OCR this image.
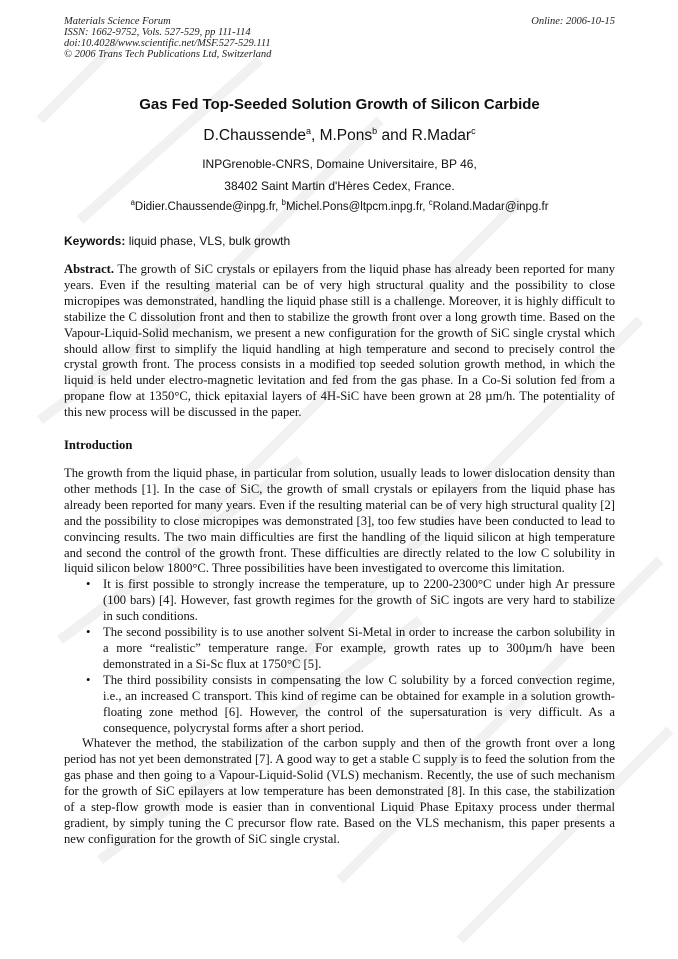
Materials Science Forum
ISSN: 1662-9752, Vols. 527-529, pp 111-114
doi:10.4028/www.scientific.net/MSF.527-529.111
© 2006 Trans Tech Publications Ltd, Switzerland
Online: 2006-10-15
Gas Fed Top-Seeded Solution Growth of Silicon Carbide
D.Chaussende$^a$, M.Pons$^b$ and R.Madar$^c$
INPGrenoble-CNRS, Domaine Universitaire, BP 46,
38402 Saint Martin d'Hères Cedex, France.
$^a$Didier.Chaussende@inpg.fr, $^b$Michel.Pons@ltpcm.inpg.fr, $^c$Roland.Madar@inpg.fr
Keywords: liquid phase, VLS, bulk growth

Abstract. The growth of SiC crystals or epilayers from the liquid phase has already been reported for many years. Even if the resulting material can be of very high structural quality and the possibility to close micropipes was demonstrated, handling the liquid phase still is a challenge. Moreover, it is highly difficult to stabilize the C dissolution front and then to stabilize the growth front over a long growth time. Based on the Vapour-Liquid-Solid mechanism, we present a new configuration for the growth of SiC single crystal which should allow first to simplify the liquid handling at high temperature and second to precisely control the crystal growth front. The process consists in a modified top seeded solution growth method, in which the liquid is held under electro-magnetic levitation and fed from the gas phase. In a Co-Si solution fed from a propane flow at 1350°C, thick epitaxial layers of 4H-SiC have been grown at 28 µm/h. The potentiality of this new process will be discussed in the paper.

Introduction

The growth from the liquid phase, in particular from solution, usually leads to lower dislocation density than other methods [1]. In the case of SiC, the growth of small crystals or epilayers from the liquid phase has already been reported for many years. Even if the resulting material can be of very high structural quality [2] and the possibility to close micropipes was demonstrated [3], too few studies have been conducted to lead to convincing results. The two main difficulties are first the handling of the liquid silicon at high temperature and second the control of the growth front. These difficulties are directly related to the low C solubility in liquid silicon below 1800°C. Three possibilities have been investigated to overcome this limitation.

• It is first possible to strongly increase the temperature, up to 2200-2300°C under high Ar pressure (100 bars) [4]. However, fast growth regimes for the growth of SiC ingots are very hard to stabilize in such conditions.
• The second possibility is to use another solvent Si-Metal in order to increase the carbon solubility in a more “realistic” temperature range. For example, growth rates up to 300µm/h have been demonstrated in a Si-Sc flux at 1750°C [5].
• The third possibility consists in compensating the low C solubility by a forced convection regime, i.e., an increased C transport. This kind of regime can be obtained for example in a solution growth-floating zone method [6]. However, the control of the supersaturation is very difficult. As a consequence, polycrystal forms after a short period.

Whatever the method, the stabilization of the carbon supply and then of the growth front over a long period has not yet been demonstrated [7]. A good way to get a stable C supply is to feed the solution from the gas phase and then going to a Vapour-Liquid-Solid (VLS) mechanism. Recently, the use of such mechanism for the growth of SiC epilayers at low temperature has been demonstrated [8]. In this case, the stabilization of a step-flow growth mode is easier than in conventional Liquid Phase Epitaxy process under thermal gradient, by simply tuning the C precursor flow rate. Based on the VLS mechanism, this paper presents a new configuration for the growth of SiC single crystal.
